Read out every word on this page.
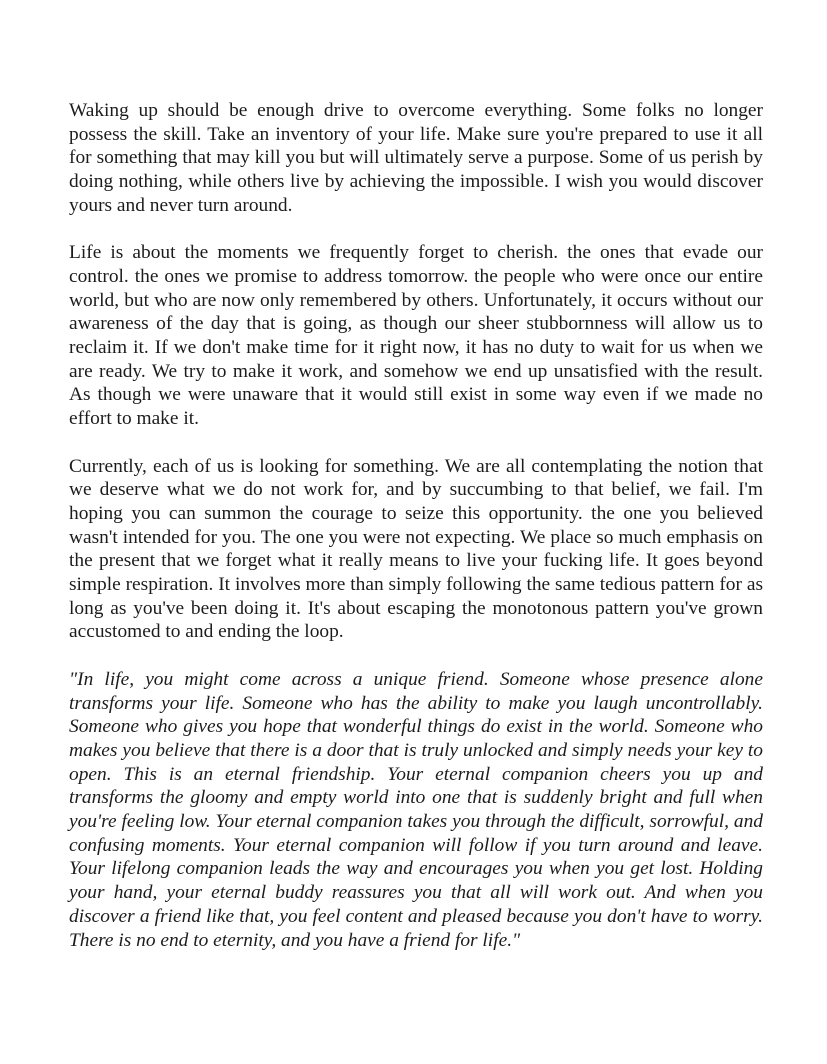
Waking up should be enough drive to overcome everything. Some folks no longer possess the skill. Take an inventory of your life. Make sure you're prepared to use it all for something that may kill you but will ultimately serve a purpose. Some of us perish by doing nothing, while others live by achieving the impossible. I wish you would discover yours and never turn around.

Life is about the moments we frequently forget to cherish. the ones that evade our control. the ones we promise to address tomorrow. the people who were once our entire world, but who are now only remembered by others. Unfortunately, it occurs without our awareness of the day that is going, as though our sheer stubbornness will allow us to reclaim it. If we don't make time for it right now, it has no duty to wait for us when we are ready. We try to make it work, and somehow we end up unsatisfied with the result. As though we were unaware that it would still exist in some way even if we made no effort to make it.

Currently, each of us is looking for something. We are all contemplating the notion that we deserve what we do not work for, and by succumbing to that belief, we fail. I'm hoping you can summon the courage to seize this opportunity. the one you believed wasn't intended for you. The one you were not expecting. We place so much emphasis on the present that we forget what it really means to live your fucking life. It goes beyond simple respiration. It involves more than simply following the same tedious pattern for as long as you've been doing it. It's about escaping the monotonous pattern you've grown accustomed to and ending the loop.

"In life, you might come across a unique friend. Someone whose presence alone transforms your life. Someone who has the ability to make you laugh uncontrollably. Someone who gives you hope that wonderful things do exist in the world. Someone who makes you believe that there is a door that is truly unlocked and simply needs your key to open. This is an eternal friendship. Your eternal companion cheers you up and transforms the gloomy and empty world into one that is suddenly bright and full when you're feeling low. Your eternal companion takes you through the difficult, sorrowful, and confusing moments. Your eternal companion will follow if you turn around and leave. Your lifelong companion leads the way and encourages you when you get lost. Holding your hand, your eternal buddy reassures you that all will work out. And when you discover a friend like that, you feel content and pleased because you don't have to worry. There is no end to eternity, and you have a friend for life."
